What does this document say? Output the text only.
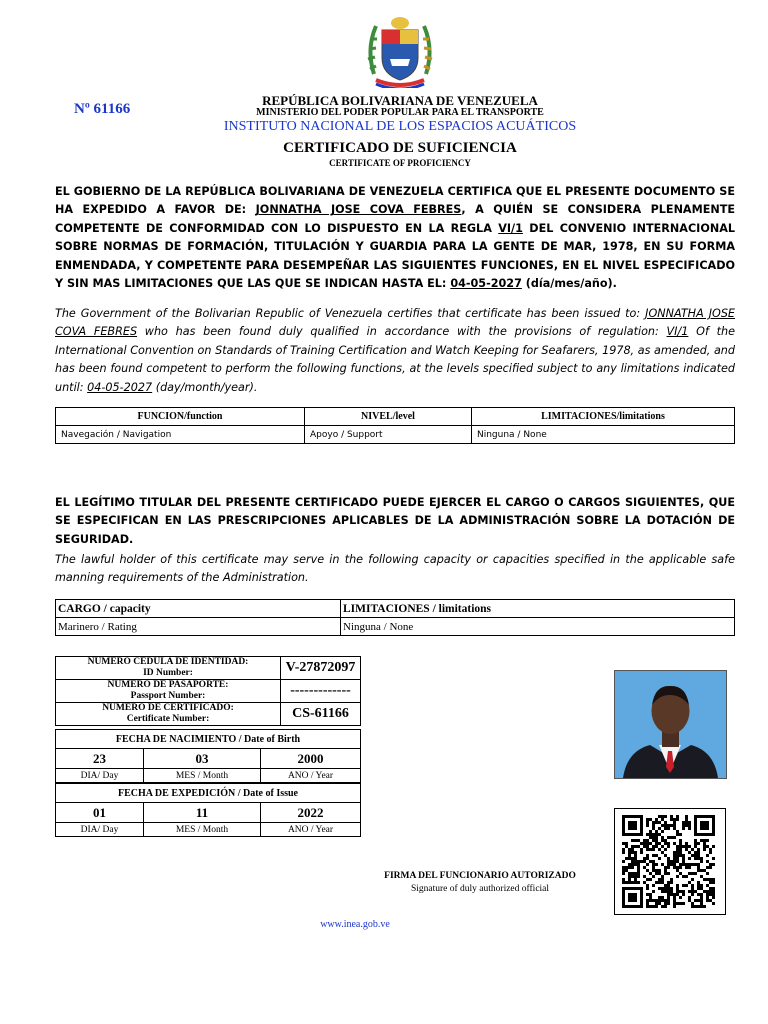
Nº 61166
REPÚBLICA BOLIVARIANA DE VENEZUELA
MINISTERIO DEL PODER POPULAR PARA EL TRANSPORTE
INSTITUTO NACIONAL DE LOS ESPACIOS ACUÁTICOS
CERTIFICADO DE SUFICIENCIA
CERTIFICATE OF PROFICIENCY
EL GOBIERNO DE LA REPÚBLICA BOLIVARIANA DE VENEZUELA CERTIFICA QUE EL PRESENTE DOCUMENTO SE HA EXPEDIDO A FAVOR DE: JONNATHA JOSE COVA FEBRES, A QUIÉN SE CONSIDERA PLENAMENTE COMPETENTE DE CONFORMIDAD CON LO DISPUESTO EN LA REGLA VI/1 DEL CONVENIO INTERNACIONAL SOBRE NORMAS DE FORMACIÓN, TITULACIÓN Y GUARDIA PARA LA GENTE DE MAR, 1978, EN SU FORMA ENMENDADA, Y COMPETENTE PARA DESEMPEÑAR LAS SIGUIENTES FUNCIONES, EN EL NIVEL ESPECIFICADO Y SIN MAS LIMITACIONES QUE LAS QUE SE INDICAN HASTA EL: 04-05-2027 (día/mes/año).
The Government of the Bolivarian Republic of Venezuela certifies that certificate has been issued to: JONNATHA JOSE COVA FEBRES who has been found duly qualified in accordance with the provisions of regulation: VI/1 Of the International Convention on Standards of Training Certification and Watch Keeping for Seafarers, 1978, as amended, and has been found competent to perform the following functions, at the levels specified subject to any limitations indicated until: 04-05-2027 (day/month/year).
FUNCION/function	NIVEL/level	LIMITACIONES/limitations
Navegación / Navigation	Apoyo / Support	Ninguna / None
EL LEGÍTIMO TITULAR DEL PRESENTE CERTIFICADO PUEDE EJERCER EL CARGO O CARGOS SIGUIENTES, QUE SE ESPECIFICAN EN LAS PRESCRIPCIONES APLICABLES DE LA ADMINISTRACIÓN SOBRE LA DOTACIÓN DE SEGURIDAD.
The lawful holder of this certificate may serve in the following capacity or capacities specified in the applicable safe manning requirements of the Administration.
CARGO / capacity	LIMITACIONES / limitations
Marinero / Rating	Ninguna / None
NUMERO CEDULA DE IDENTIDAD:
ID Number:	V-27872097

NUMERO DE PASAPORTE:
Passport Number:	-------------

NUMERO DE CERTIFICADO:
Certificate Number:	CS-61166
FECHA DE NACIMIENTO / Date of Birth		
23	03	2000
DIA/ Day	MES / Month	ANO / Year
FECHA DE EXPEDICIÓN / Date of Issue		
01	11	2022
DIA/ Day	MES / Month	ANO / Year
FIRMA DEL FUNCIONARIO AUTORIZADO
Signature of duly authorized official
www.inea.gob.ve
